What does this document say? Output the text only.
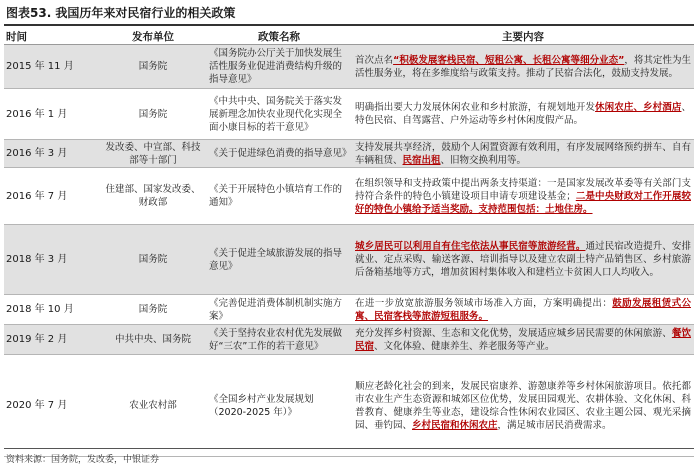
图表53. 我国历年来对民宿行业的相关政策
时间	发布单位	政策名称	主要内容
2015 年 11 月	国务院	《国务院办公厅关于加快发展生活性服务业促进消费结构升级的指导意见》	首次点名“积极发展客栈民宿、短租公寓、长租公寓等细分业态”，将其定性为生活性服务业，将在多维度给与政策支持。推动了民宿合法化，鼓励支持发展。
2016 年 1 月	国务院	《中共中央、国务院关于落实发展新理念加快农业现代化实现全面小康目标的若干意见》	明确指出要大力发展休闲农业和乡村旅游，有规划地开发休闲农庄、乡村酒店、特色民宿、自驾露营、户外运动等乡村休闲度假产品。
2016 年 3 月	发改委、中宣部、科技部等十部门	《关于促进绿色消费的指导意见》	支持发展共享经济，鼓励个人闲置资源有效利用，有序发展网络预约拼车、自有车辆租赁、民宿出租、旧物交换利用等。
2016 年 7 月	住建部、国家发改委、财政部	《关于开展特色小镇培育工作的通知》	在组织领导和支持政策中提出两条支持渠道：一是国家发展改革委等有关部门支持符合条件的特色小镇建设项目申请专项建设基金；二是中央财政对工作开展较好的特色小镇给予适当奖励。支持范围包括：土地住房。
2018 年 3 月	国务院	《关于促进全域旅游发展的指导意见》	城乡居民可以利用自有住宅依法从事民宿等旅游经营。通过民宿改造提升、安排就业、定点采购、输送客源、培训指导以及建立农副土特产品销售区、乡村旅游后备箱基地等方式，增加贫困村集体收入和建档立卡贫困人口人均收入。
2018 年 10 月	国务院	《完善促进消费体制机制实施方案》	在进一步放宽旅游服务领域市场准入方面，方案明确提出：鼓励发展租赁式公寓、民宿客栈等旅游短租服务。
2019 年 2 月	中共中央、国务院	《关于坚持农业农村优先发展做好“三农”工作的若干意见》	充分发挥乡村资源、生态和文化优势，发展适应城乡居民需要的休闲旅游、餐饮民宿、文化体验、健康养生、养老服务等产业。
2020 年 7 月	农业农村部	《全国乡村产业发展规划（2020-2025 年）》	顺应老龄化社会的到来，发展民宿康养、游憩康养等乡村休闲旅游项目。依托都市农业生产生态资源和城郊区位优势，发展田园观光、农耕体验、文化休闲、科普教育、健康养生等业态，建设综合性休闲农业园区、农业主题公园、观光采摘园、垂钓园、乡村民宿和休闲农庄，满足城市居民消费需求。
资料来源：国务院，发改委，中银证券
